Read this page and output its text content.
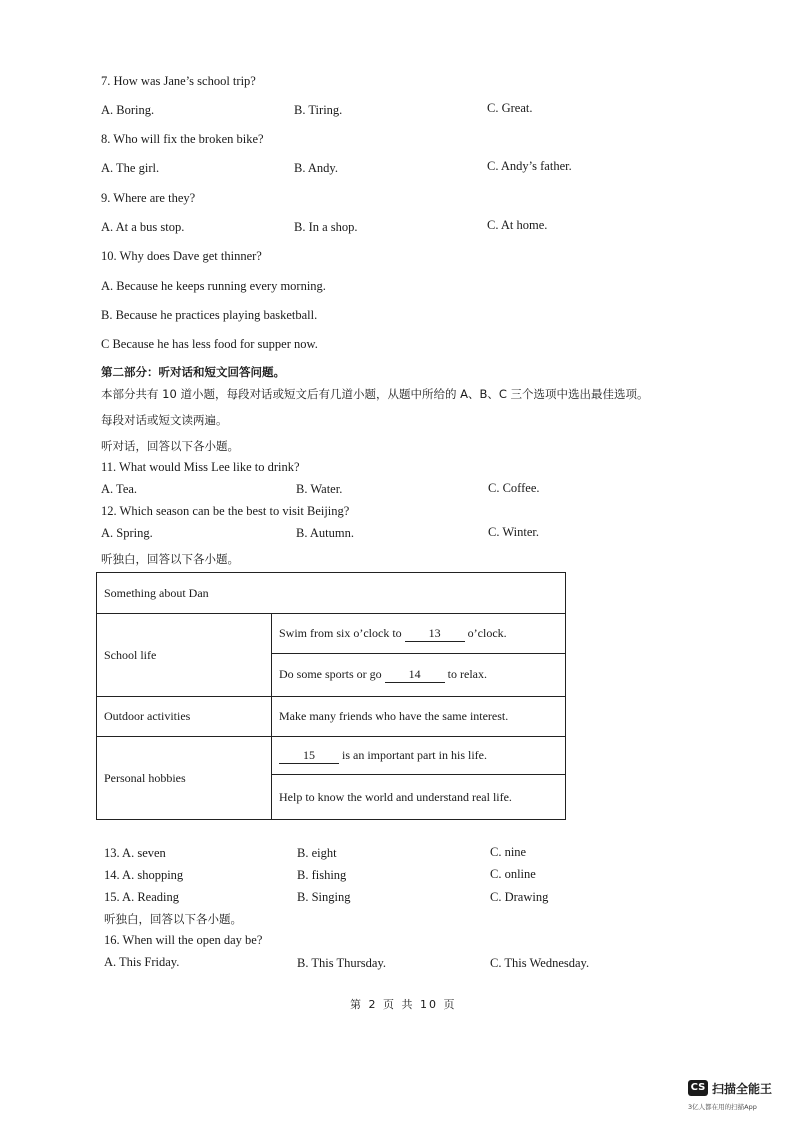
7. How was Jane’s school trip?
A. Boring.	B. Tiring.	C. Great.
8. Who will fix the broken bike?
A. The girl.	B. Andy.	C. Andy’s father.
9. Where are they?
A. At a bus stop.	B. In a shop.	C. At home.
10. Why does Dave get thinner?
A. Because he keeps running every morning.
B. Because he practices playing basketball.
C Because he has less food for supper now.
第二部分：听对话和短文回答问题。
本部分共有 10 道小题，每段对话或短文后有几道小题，从题中所给的 A、B、C 三个选项中选出最佳选项。
每段对话或短文读两遍。
听对话，回答以下各小题。
11. What would Miss Lee like to drink?
A. Tea.	B. Water.	C. Coffee.
12. Which season can be the best to visit Beijing?
A. Spring.	B. Autumn.	C. Winter.
听独白，回答以下各小题。
Something about Dan	
School life	Swim from six o’clock to 13 o’clock.
	Do some sports or go 14 to relax.
Outdoor activities	Make many friends who have the same interest.
Personal hobbies	15 is an important part in his life.
	Help to know the world and understand real life.
13. A. seven	B. eight	C. nine
14. A. shopping	B. fishing	C. online
15. A. Reading	B. Singing	C. Drawing
听独白，回答以下各小题。
16. When will the open day be?
A. This Friday.	B. This Thursday.	C. This Wednesday.
第 2 页 共 10 页
CS 扫描全能王
3亿人都在用的扫描App
